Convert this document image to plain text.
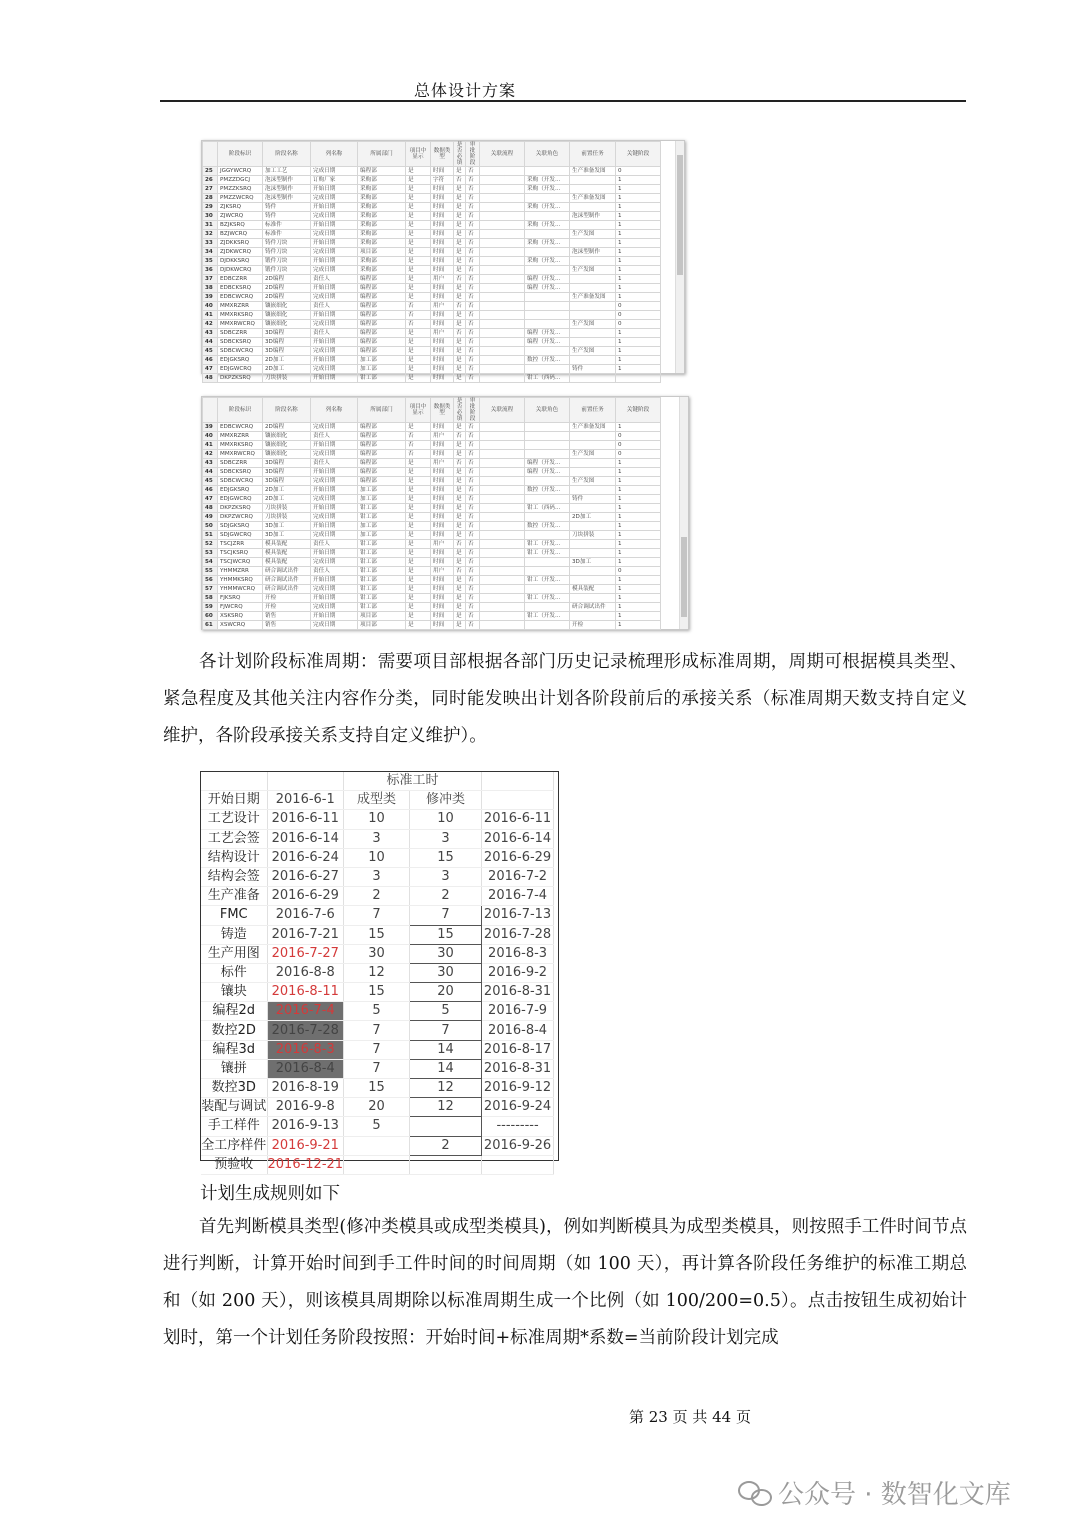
总体设计方案
	阶段标识	阶段名称	列名称	所属部门	项目中显示	数据类型	是否必填	审批阶段	关联流程	关联角色	前置任务	关键阶段
25	JGGYWCRQ	加工工艺	完成日期	编程部	是	时间	是	否			生产准备发图	0
26	PMZZDGCJ	泡沫型制作	订购厂家	采购部	是	字符	否	否		采购（开发...		1
27	PMZZKSRQ	泡沫型制作	开始日期	采购部	是	时间	是	否		采购（开发...		1
28	PMZZWCRQ	泡沫型制作	完成日期	采购部	是	时间	是	否			生产准备发图	1
29	ZJKSRQ	铸件	开始日期	采购部	是	时间	是	否		采购（开发...		1
30	ZJWCRQ	铸件	完成日期	采购部	是	时间	是	否			泡沫型制作	1
31	BZJKSRQ	标准件	开始日期	采购部	是	时间	是	否		采购（开发...		1
32	BZJWCRQ	标准件	完成日期	采购部	是	时间	是	否			生产发图	1
33	ZJDKKSRQ	铸件刀块	开始日期	采购部	是	时间	是	否		采购（开发...		1
34	ZJDKWCRQ	铸件刀块	完成日期	项目部	是	时间	是	否			泡沫型制作	1
35	DJDKKSRQ	锻件刀块	开始日期	采购部	是	时间	是	否		采购（开发...		1
36	DJDKWCRQ	锻件刀块	完成日期	采购部	是	时间	是	否			生产发图	1
37	EDBCZRR	2D编程	责任人	编程部	是	用户	否	否		编程（开发...		1
38	EDBCKSRQ	2D编程	开始日期	编程部	是	时间	是	否		编程（开发...		1
39	EDBCWCRQ	2D编程	完成日期	编程部	是	时间	是	否			生产准备发图	1
40	MMXRZRR	镶嵌细化	责任人	编程部	否	用户	否	否				0
41	MMXRKSRQ	镶嵌细化	开始日期	编程部	否	时间	是	否				0
42	MMXRWCRQ	镶嵌细化	完成日期	编程部	否	时间	是	否			生产发图	0
43	SDBCZRR	3D编程	责任人	编程部	是	用户	否	否		编程（开发...		1
44	SDBCKSRQ	3D编程	开始日期	编程部	是	时间	是	否		编程（开发...		1
45	SDBCWCRQ	3D编程	完成日期	编程部	是	时间	是	否			生产发图	1
46	EDJGKSRQ	2D加工	开始日期	加工部	是	时间	是	否		数控（开发...		1
47	EDJGWCRQ	2D加工	完成日期	加工部	是	时间	是	否			铸件	1
48	DKPZKSRQ	刀块拼装	开始日期	钳工部	是	时间	是	否		钳工（西码...		
	阶段标识	阶段名称	列名称	所属部门	项目中显示	数据类型	是否必填	审批阶段	关联流程	关联角色	前置任务	关键阶段
39	EDBCWCRQ	2D编程	完成日期	编程部	是	时间	是	否			生产准备发图	1
40	MMXRZRR	镶嵌细化	责任人	编程部	否	用户	否	否				0
41	MMXRKSRQ	镶嵌细化	开始日期	编程部	否	时间	是	否				0
42	MMXRWCRQ	镶嵌细化	完成日期	编程部	否	时间	是	否			生产发图	0
43	SDBCZRR	3D编程	责任人	编程部	是	用户	否	否		编程（开发...		1
44	SDBCKSRQ	3D编程	开始日期	编程部	是	时间	是	否		编程（开发...		1
45	SDBCWCRQ	3D编程	完成日期	编程部	是	时间	是	否			生产发图	1
46	EDJGKSRQ	2D加工	开始日期	加工部	是	时间	是	否		数控（开发...		1
47	EDJGWCRQ	2D加工	完成日期	加工部	是	时间	是	否			铸件	1
48	DKPZKSRQ	刀块拼装	开始日期	钳工部	是	时间	是	否		钳工（西码...		1
49	DKPZWCRQ	刀块拼装	完成日期	钳工部	是	时间	是	否			2D加工	1
50	SDJGKSRQ	3D加工	开始日期	加工部	是	时间	是	否		数控（开发...		1
51	SDJGWCRQ	3D加工	完成日期	加工部	是	时间	是	否			刀块拼装	1
52	TSCJZRR	模具装配	责任人	钳工部	是	用户	否	否		钳工（开发...		1
53	TSCJKSRQ	模具装配	开始日期	钳工部	是	时间	是	否		钳工（开发...		1
54	TSCJWCRQ	模具装配	完成日期	钳工部	是	时间	是	否			3D加工	1
55	YHMMZRR	研合调试出件	责任人	钳工部	是	用户	否	否				0
56	YHMMKSRQ	研合调试出件	开始日期	钳工部	是	时间	是	否		钳工（开发...		1
57	YHMMWCRQ	研合调试出件	完成日期	钳工部	是	时间	是	否			模具装配	1
58	FJKSRQ	开检	开始日期	钳工部	是	时间	是	否		钳工（开发...		1
59	FJWCRQ	开检	完成日期	钳工部	是	时间	是	否			研合调试出件	1
60	XSKSRQ	销售	开始日期	项目部	是	时间	是	否		钳工（开发...		1
61	XSWCRQ	销售	完成日期	项目部	是	时间	是	否			开检	1

各计划阶段标准周期：需要项目部根据各部门历史记录梳理形成标准周期，周期可根据模具类型、紧急程度及其他关注内容作分类，同时能发映出计划各阶段前后的承接关系（标准周期天数支持自定义维护，各阶段承接关系支持自定义维护）。

		标准工时		
开始日期	2016-6-1	成型类	修冲类	
工艺设计	2016-6-11	10	10	2016-6-11
工艺会签	2016-6-14	3	3	2016-6-14
结构设计	2016-6-24	10	15	2016-6-29
结构会签	2016-6-27	3	3	2016-7-2
生产准备	2016-6-29	2	2	2016-7-4
FMC	2016-7-6	7	7	2016-7-13
铸造	2016-7-21	15	15	2016-7-28
生产用图	2016-7-27	30	30	2016-8-3
标件	2016-8-8	12	30	2016-9-2
镶块	2016-8-11	15	20	2016-8-31
编程2d	2016-7-4	5	5	2016-7-9
数控2D	2016-7-28	7	7	2016-8-4
编程3d	2016-8-3	7	14	2016-8-17
镶拼	2016-8-4	7	14	2016-8-31
数控3D	2016-8-19	15	12	2016-9-12
装配与调试	2016-9-8	20	12	2016-9-24
手工样件	2016-9-13	5		---------
全工序样件	2016-9-21		2	2016-9-26
预验收	2016-12-21			
计划生成规则如下

首先判断模具类型(修冲类模具或成型类模具)，例如判断模具为成型类模具，则按照手工件时间节点进行判断，计算开始时间到手工件时间的时间周期（如 100 天），再计算各阶段任务维护的标准工期总和（如 200 天），则该模具周期除以标准周期生成一个比例（如 100/200=0.5）。点击按钮生成初始计划时，第一个计划任务阶段按照：开始时间+标准周期*系数=当前阶段计划完成

第 23 页 共 44 页
公众号 · 数智化文库
